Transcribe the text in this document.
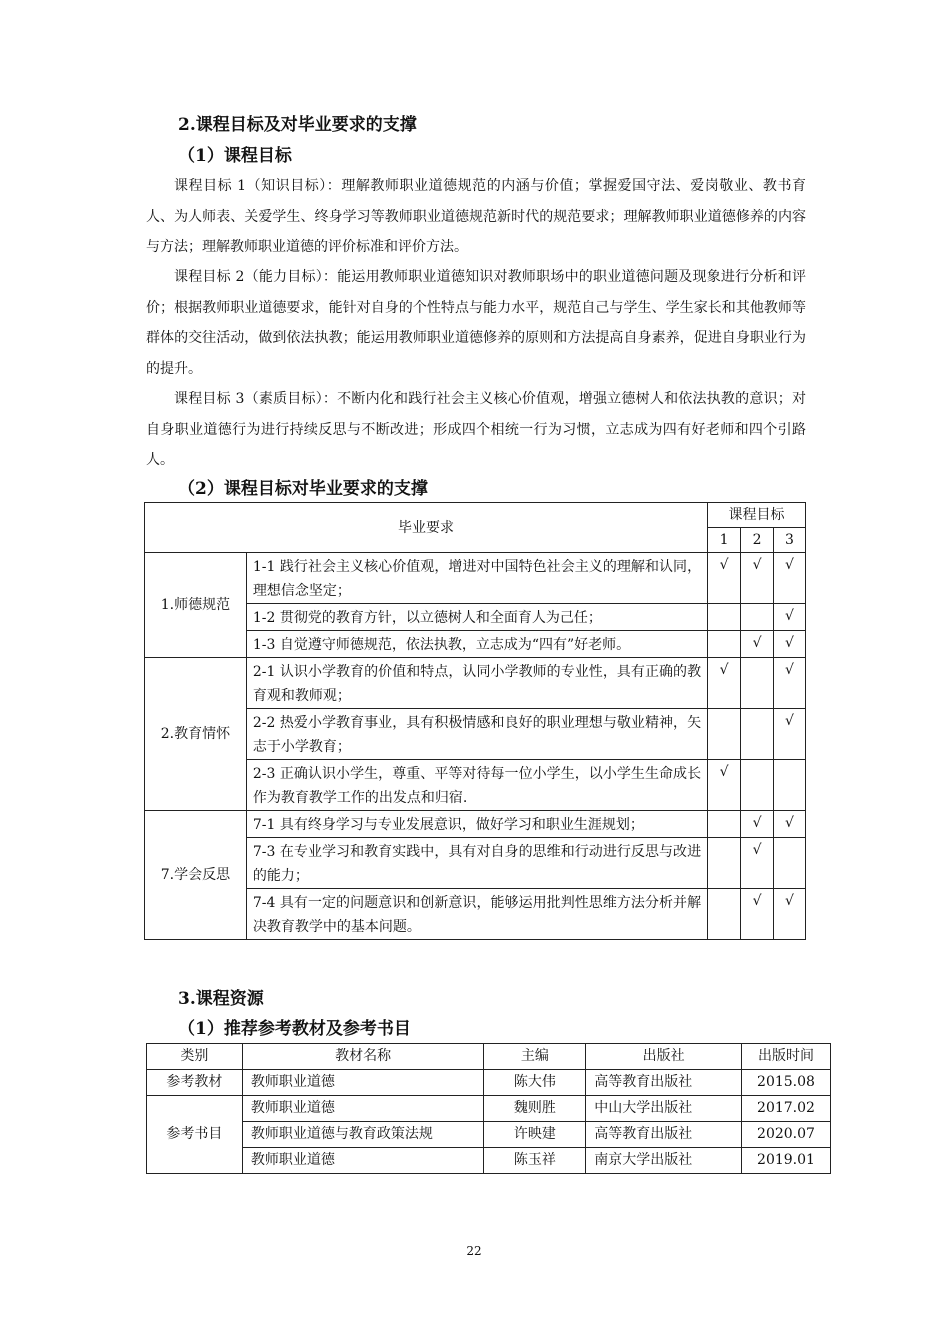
2.课程目标及对毕业要求的支撑
（1）课程目标

课程目标 1（知识目标）：理解教师职业道德规范的内涵与价值；掌握爱国守法、爱岗敬业、教书育人、为人师表、关爱学生、终身学习等教师职业道德规范新时代的规范要求；理解教师职业道德修养的内容与方法；理解教师职业道德的评价标准和评价方法。

课程目标 2（能力目标）：能运用教师职业道德知识对教师职场中的职业道德问题及现象进行分析和评价；根据教师职业道德要求，能针对自身的个性特点与能力水平，规范自己与学生、学生家长和其他教师等群体的交往活动，做到依法执教；能运用教师职业道德修养的原则和方法提高自身素养，促进自身职业行为的提升。

课程目标 3（素质目标）：不断内化和践行社会主义核心价值观，增强立德树人和依法执教的意识；对自身职业道德行为进行持续反思与不断改进；形成四个相统一行为习惯，立志成为四有好老师和四个引路人。

（2）课程目标对毕业要求的支撑
毕业要求		课程目标		
		1	2	3
1.师德规范	1-1 践行社会主义核心价值观，增进对中国特色社会主义的理解和认同，理想信念坚定；	√	√	√
	1-2 贯彻党的教育方针，以立德树人和全面育人为己任；			√
	1-3 自觉遵守师德规范，依法执教，立志成为“四有”好老师。		√	√
2.教育情怀	2-1 认识小学教育的价值和特点，认同小学教师的专业性，具有正确的教育观和教师观；	√		√
	2-2 热爱小学教育事业，具有积极情感和良好的职业理想与敬业精神，矢志于小学教育；			√
	2-3 正确认识小学生，尊重、平等对待每一位小学生，以小学生生命成长作为教育教学工作的出发点和归宿.	√		
7.学会反思	7-1 具有终身学习与专业发展意识，做好学习和职业生涯规划；		√	√
	7-3 在专业学习和教育实践中，具有对自身的思维和行动进行反思与改进的能力；		√	
	7-4 具有一定的问题意识和创新意识，能够运用批判性思维方法分析并解决教育教学中的基本问题。		√	√
3.课程资源
（1）推荐参考教材及参考书目
类别	教材名称	主编	出版社	出版时间
参考教材	教师职业道德	陈大伟	高等教育出版社	2015.08
参考书目	教师职业道德	魏则胜	中山大学出版社	2017.02
	教师职业道德与教育政策法规	许映建	高等教育出版社	2020.07
	教师职业道德	陈玉祥	南京大学出版社	2019.01
22
